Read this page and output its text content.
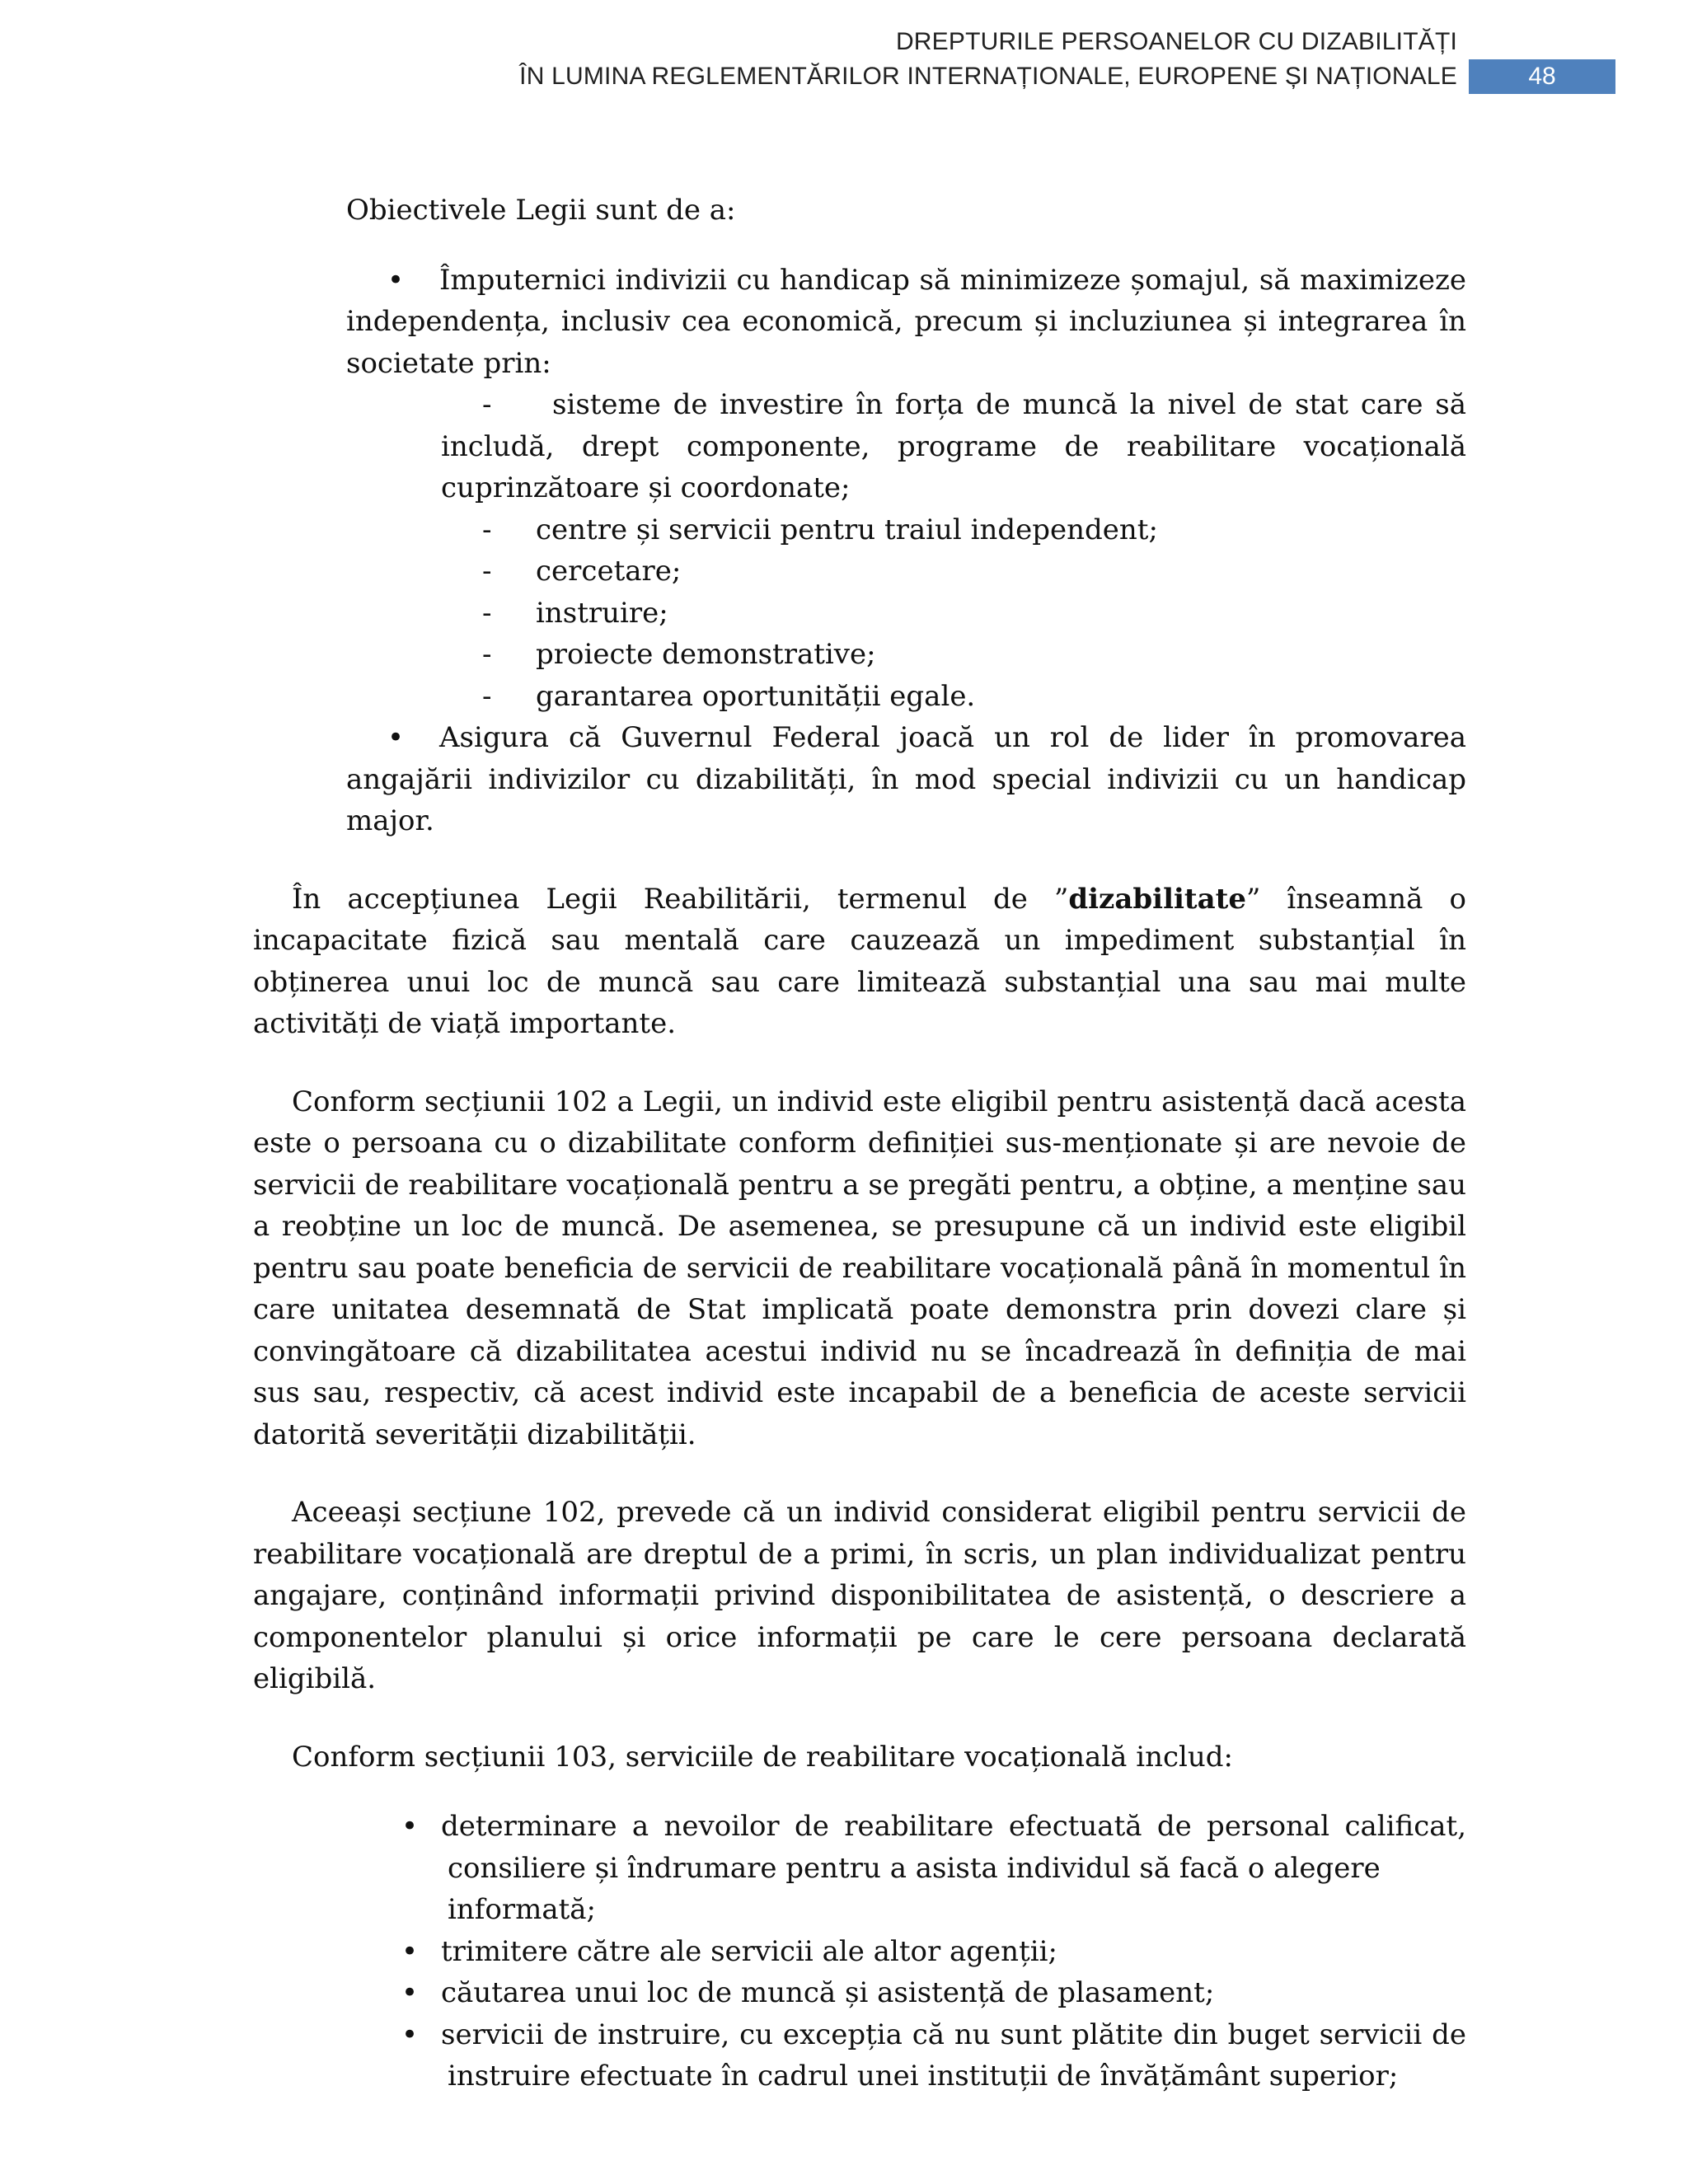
DREPTURILE PERSOANELOR CU DIZABILITĂȚI
ÎN LUMINA REGLEMENTĂRILOR INTERNAȚIONALE, EUROPENE ȘI NAȚIONALE	48

Obiectivele Legii sunt de a:

• Împuternici indivizii cu handicap să minimizeze șomajul, să maximizeze independența, inclusiv cea economică, precum și incluziunea și integrarea în societate prin:
- sisteme de investire în forța de muncă la nivel de stat care să includă, drept componente, programe de reabilitare vocațională cuprinzătoare și coordonate;
- centre și servicii pentru traiul independent;
- cercetare;
- instruire;
- proiecte demonstrative;
- garantarea oportunității egale.
• Asigura că Guvernul Federal joacă un rol de lider în promovarea angajării indivizilor cu dizabilități, în mod special indivizii cu un handicap major.

În accepțiunea Legii Reabilitării, termenul de ”dizabilitate” înseamnă o incapacitate fizică sau mentală care cauzează un impediment substanțial în obținerea unui loc de muncă sau care limitează substanțial una sau mai multe activități de viață importante.

Conform secțiunii 102 a Legii, un individ este eligibil pentru asistență dacă acesta este o persoana cu o dizabilitate conform definiției sus-menționate și are nevoie de servicii de reabilitare vocațională pentru a se pregăti pentru, a obține, a menține sau a reobține un loc de muncă. De asemenea, se presupune că un individ este eligibil pentru sau poate beneficia de servicii de reabilitare vocațională până în momentul în care unitatea desemnată de Stat implicată poate demonstra prin dovezi clare și convingătoare că dizabilitatea acestui individ nu se încadrează în definiția de mai sus sau, respectiv, că acest individ este incapabil de a beneficia de aceste servicii datorită severității dizabilității.

Aceeași secțiune 102, prevede că un individ considerat eligibil pentru servicii de reabilitare vocațională are dreptul de a primi, în scris, un plan individualizat pentru angajare, conținând informații privind disponibilitatea de asistență, o descriere a componentelor planului și orice informații pe care le cere persoana declarată eligibilă.

Conform secțiunii 103, serviciile de reabilitare vocațională includ:

• determinare a nevoilor de reabilitare efectuată de personal calificat,
consiliere și îndrumare pentru a asista individul să facă o alegere informată;
• trimitere către ale servicii ale altor agenții;
• căutarea unui loc de muncă și asistență de plasament;
• servicii de instruire, cu excepția că nu sunt plătite din buget servicii de
instruire efectuate în cadrul unei instituții de învățământ superior;
